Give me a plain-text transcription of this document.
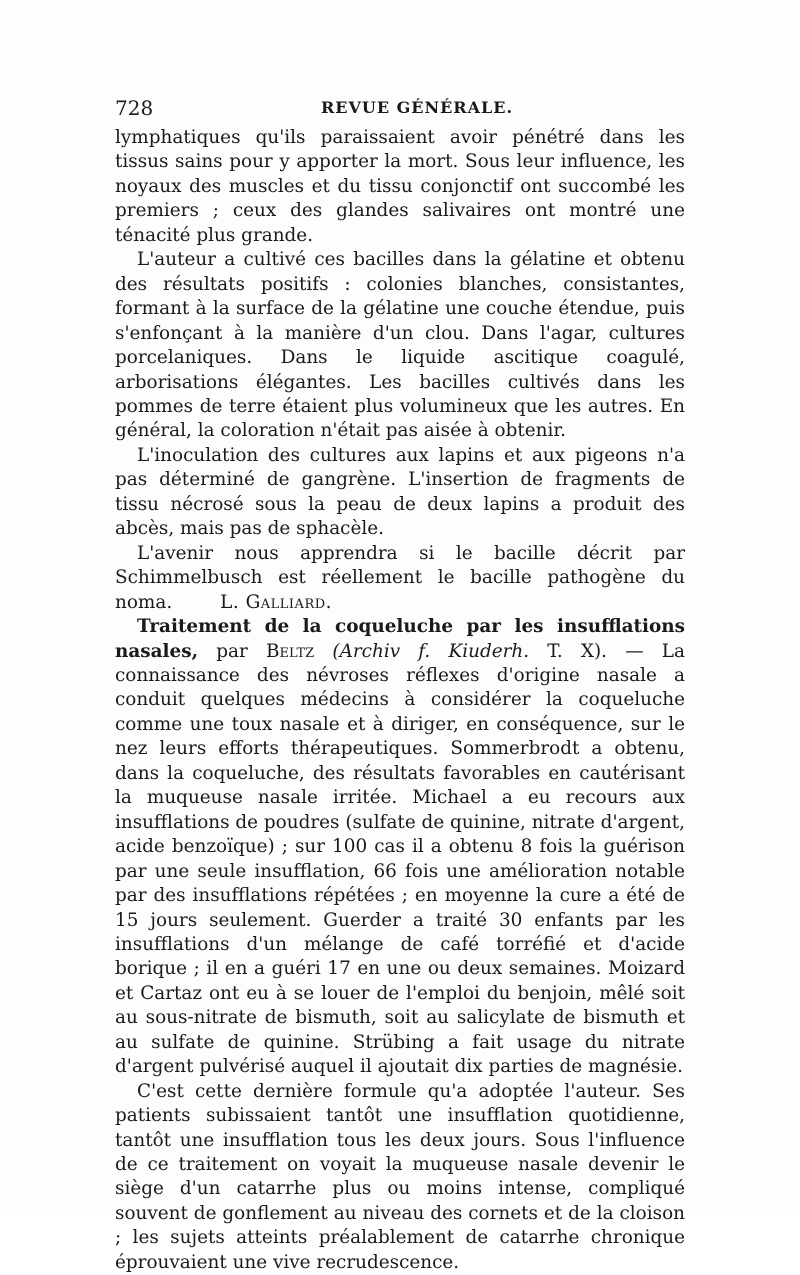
728	REVUE GÉNÉRALE.

lymphatiques qu'ils paraissaient avoir pénétré dans les tissus sains pour y apporter la mort. Sous leur influence, les noyaux des muscles et du tissu conjonctif ont succombé les premiers ; ceux des glandes salivaires ont montré une ténacité plus grande.

L'auteur a cultivé ces bacilles dans la gélatine et obtenu des résultats positifs : colonies blanches, consistantes, formant à la surface de la gélatine une couche étendue, puis s'enfonçant à la manière d'un clou. Dans l'agar, cultures porcelaniques. Dans le liquide ascitique coagulé, arborisations élégantes. Les bacilles cultivés dans les pommes de terre étaient plus volumineux que les autres. En général, la coloration n'était pas aisée à obtenir.

L'inoculation des cultures aux lapins et aux pigeons n'a pas déterminé de gangrène. L'insertion de fragments de tissu nécrosé sous la peau de deux lapins a produit des abcès, mais pas de sphacèle.

L'avenir nous apprendra si le bacille décrit par Schimmelbusch est réellement le bacille pathogène du noma.	L. Galliard.

Traitement de la coqueluche par les insufflations nasales, par Beltz (Archiv f. Kiuderh. T. X). — La connaissance des névroses réflexes d'origine nasale a conduit quelques médecins à considérer la coqueluche comme une toux nasale et à diriger, en conséquence, sur le nez leurs efforts thérapeutiques. Sommerbrodt a obtenu, dans la coqueluche, des résultats favorables en cautérisant la muqueuse nasale irritée. Michael a eu recours aux insufflations de poudres (sulfate de quinine, nitrate d'argent, acide benzoïque) ; sur 100 cas il a obtenu 8 fois la guérison par une seule insufflation, 66 fois une amélioration notable par des insufflations répétées ; en moyenne la cure a été de 15 jours seulement. Guerder a traité 30 enfants par les insufflations d'un mélange de café torréfié et d'acide borique ; il en a guéri 17 en une ou deux semaines. Moizard et Cartaz ont eu à se louer de l'emploi du benjoin, mêlé soit au sous-nitrate de bismuth, soit au salicylate de bismuth et au sulfate de quinine. Strübing a fait usage du nitrate d'argent pulvérisé auquel il ajoutait dix parties de magnésie.

C'est cette dernière formule qu'a adoptée l'auteur. Ses patients subissaient tantôt une insufflation quotidienne, tantôt une insufflation tous les deux jours. Sous l'influence de ce traitement on voyait la muqueuse nasale devenir le siège d'un catarrhe plus ou moins intense, compliqué souvent de gonflement au niveau des cornets et de la cloison ; les sujets atteints préalablement de catarrhe chronique éprouvaient une vive recrudescence.
